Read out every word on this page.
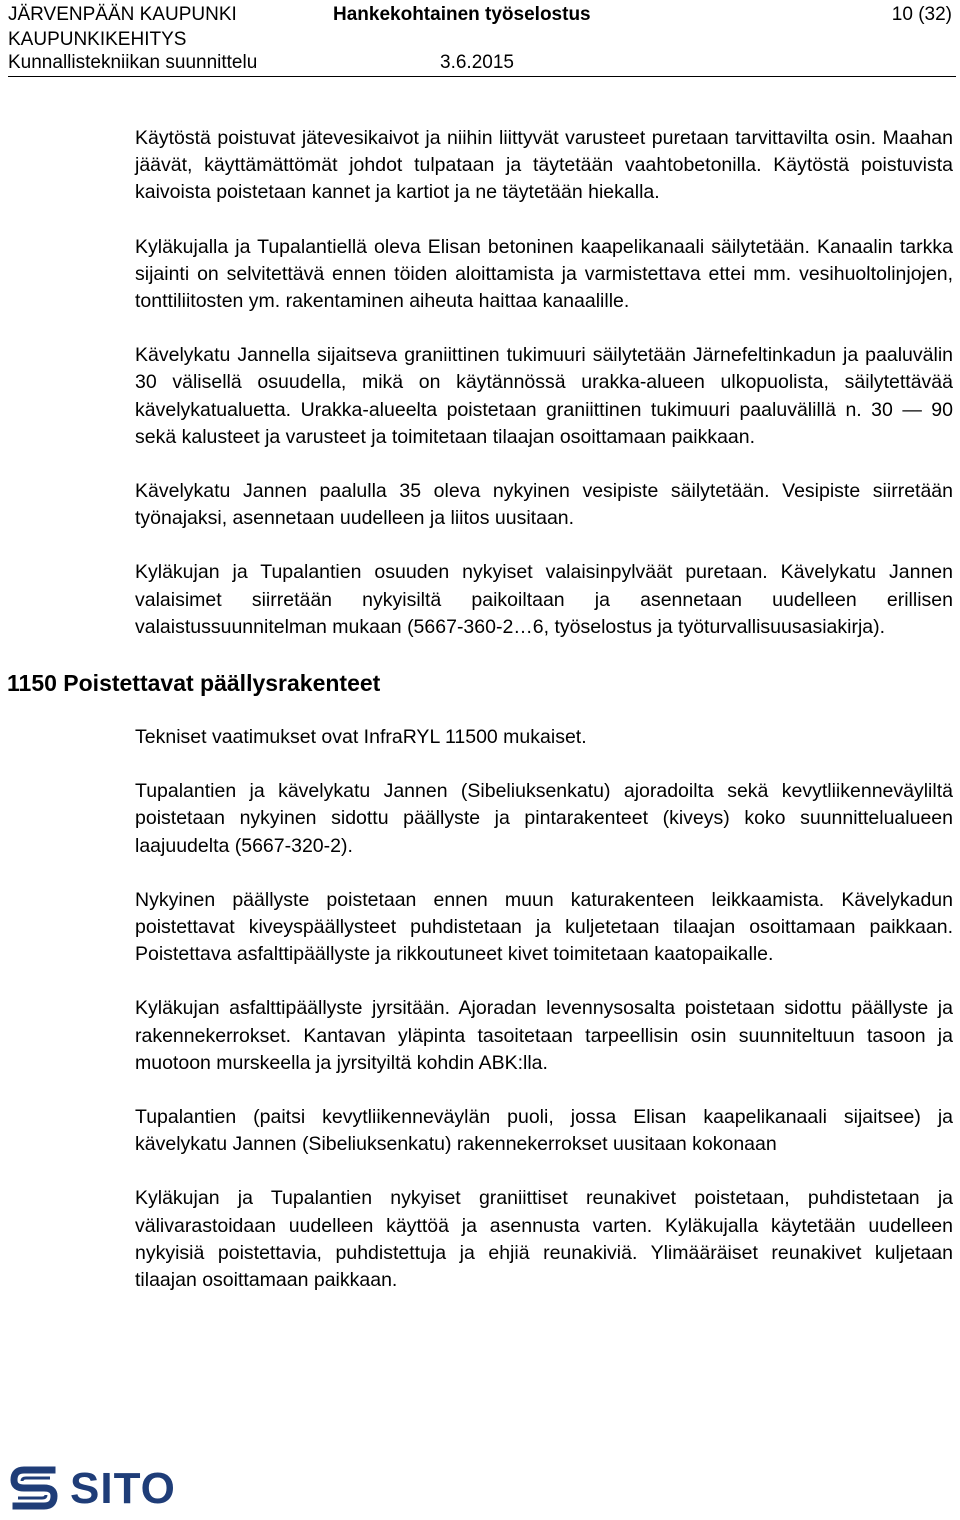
JÄRVENPÄÄN KAUPUNKI
KAUPUNKIKEHITYS
Kunnallistekniikan suunnittelu
Hankekohtainen työselostus
3.6.2015
10 (32)

Käytöstä poistuvat jätevesikaivot ja niihin liittyvät varusteet puretaan tarvittavilta osin. Maahan jäävät, käyttämättömät johdot tulpataan ja täytetään vaahtobetonilla. Käytöstä poistuvista kaivoista poistetaan kannet ja kartiot ja ne täytetään hiekalla.

Kyläkujalla ja Tupalantiellä oleva Elisan betoninen kaapelikanaali säilytetään. Kanaalin tarkka sijainti on selvitettävä ennen töiden aloittamista ja varmistettava ettei mm. vesihuoltolinjojen, tonttiliitosten ym. rakentaminen aiheuta haittaa kanaalille.

Kävelykatu Jannella sijaitseva graniittinen tukimuuri säilytetään Järnefeltinkadun ja paaluvälin 30 välisellä osuudella, mikä on käytännössä urakka-alueen ulkopuolista, säilytettävää kävelykatualuetta. Urakka-alueelta poistetaan graniittinen tukimuuri paaluvälillä n. 30 — 90 sekä kalusteet ja varusteet ja toimitetaan tilaajan osoittamaan paikkaan.

Kävelykatu Jannen paalulla 35 oleva nykyinen vesipiste säilytetään. Vesipiste siirretään työnajaksi, asennetaan uudelleen ja liitos uusitaan.

Kyläkujan ja Tupalantien osuuden nykyiset valaisinpylväät puretaan. Kävelykatu Jannen valaisimet siirretään nykyisiltä paikoiltaan ja asennetaan uudelleen erillisen valaistussuunnitelman mukaan (5667-360-2…6, työselostus ja työturvallisuusasiakirja).

1150 Poistettavat päällysrakenteet

Tekniset vaatimukset ovat InfraRYL 11500 mukaiset.

Tupalantien ja kävelykatu Jannen (Sibeliuksenkatu) ajoradoilta sekä kevytliikenneväyliltä poistetaan nykyinen sidottu päällyste ja pintarakenteet (kiveys) koko suunnittelualueen laajuudelta (5667-320-2).

Nykyinen päällyste poistetaan ennen muun katurakenteen leikkaamista. Kävelykadun poistettavat kiveyspäällysteet puhdistetaan ja kuljetetaan tilaajan osoittamaan paikkaan. Poistettava asfalttipäällyste ja rikkoutuneet kivet toimitetaan kaatopaikalle.

Kyläkujan asfalttipäällyste jyrsitään. Ajoradan levennysosalta poistetaan sidottu päällyste ja rakennekerrokset. Kantavan yläpinta tasoitetaan tarpeellisin osin suunniteltuun tasoon ja muotoon murskeella ja jyrsityiltä kohdin ABK:lla.

Tupalantien (paitsi kevytliikenneväylän puoli, jossa Elisan kaapelikanaali sijaitsee) ja kävelykatu Jannen (Sibeliuksenkatu) rakennekerrokset uusitaan kokonaan

Kyläkujan ja Tupalantien nykyiset graniittiset reunakivet poistetaan, puhdistetaan ja välivarastoidaan uudelleen käyttöä ja asennusta varten. Kyläkujalla käytetään uudelleen nykyisiä poistettavia, puhdistettuja ja ehjiä reunakiviä. Ylimääräiset reunakivet kuljetaan tilaajan osoittamaan paikkaan.

SITO
